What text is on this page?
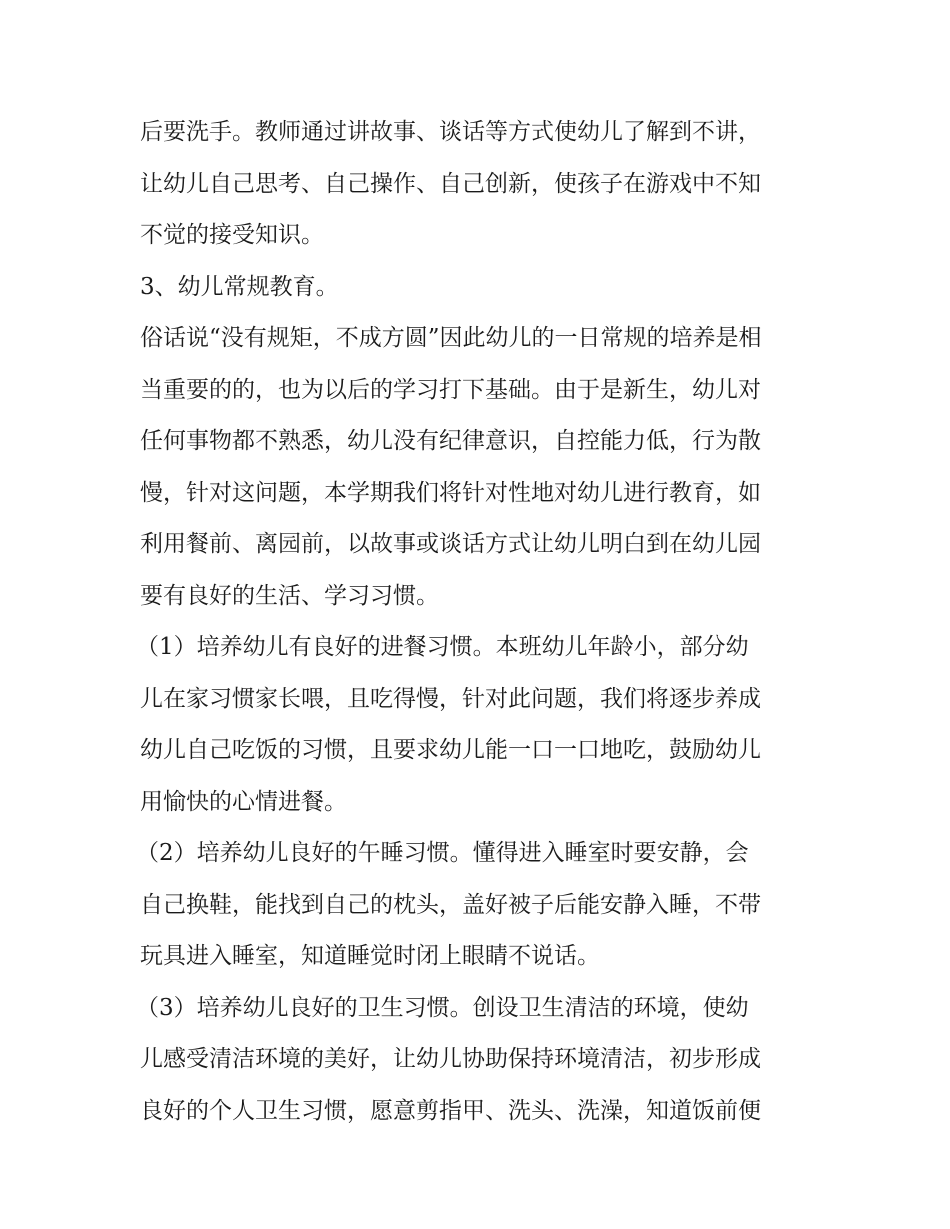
后要洗手。教师通过讲故事、谈话等方式使幼儿了解到不讲，
让幼儿自己思考、自己操作、自己创新，使孩子在游戏中不知
不觉的接受知识。
3、幼儿常规教育。
俗话说“没有规矩，不成方圆”因此幼儿的一日常规的培养是相
当重要的的，也为以后的学习打下基础。由于是新生，幼儿对
任何事物都不熟悉，幼儿没有纪律意识，自控能力低，行为散
慢，针对这问题，本学期我们将针对性地对幼儿进行教育，如
利用餐前、离园前，以故事或谈话方式让幼儿明白到在幼儿园
要有良好的生活、学习习惯。
（1）培养幼儿有良好的进餐习惯。本班幼儿年龄小，部分幼
儿在家习惯家长喂，且吃得慢，针对此问题，我们将逐步养成
幼儿自己吃饭的习惯，且要求幼儿能一口一口地吃，鼓励幼儿
用愉快的心情进餐。
（2）培养幼儿良好的午睡习惯。懂得进入睡室时要安静，会
自己换鞋，能找到自己的枕头，盖好被子后能安静入睡，不带
玩具进入睡室，知道睡觉时闭上眼睛不说话。
（3）培养幼儿良好的卫生习惯。创设卫生清洁的环境，使幼
儿感受清洁环境的美好，让幼儿协助保持环境清洁，初步形成
良好的个人卫生习惯，愿意剪指甲、洗头、洗澡，知道饭前便
